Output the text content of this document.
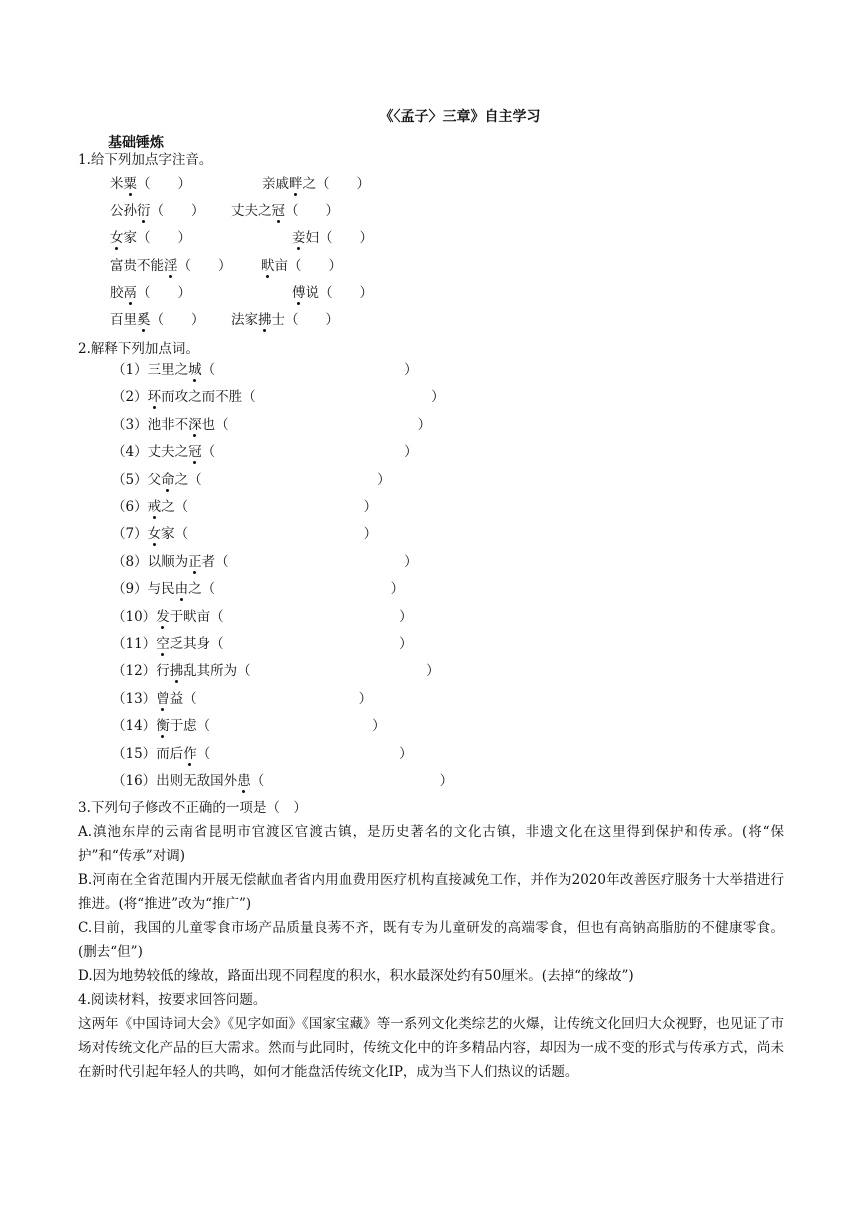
《〈孟子〉三章》自主学习
基础锤炼
1.给下列加点字注音。
米粟（　　）	亲戚畔之（　　）
公孙衍（　　） 丈夫之冠（　　）
女家（　　）	妾妇（　　）
富贵不能淫（　　） 畎亩（　　）
胶鬲（　　）	傅说（　　）
百里奚（　　） 法家拂士（　　）
2.解释下列加点词。
（1）三里之城（　　　　　　　　　　　　　　）
（2）环而攻之而不胜（　　　　　　　　　　　　　）
（3）池非不深也（　　　　　　　　　　　　　　）
（4）丈夫之冠（　　　　　　　　　　　　　　）
（5）父命之（　　　　　　　　　　　　　）
（6）戒之（　　　　　　　　　　　　　）
（7）女家（　　　　　　　　　　　　　）
（8）以顺为正者（　　　　　　　　　　　　　）
（9）与民由之（　　　　　　　　　　　　　）
（10）发于畎亩（　　　　　　　　　　　　　）
（11）空乏其身（　　　　　　　　　　　　　）
（12）行拂乱其所为（　　　　　　　　　　　　　）
（13）曾益（　　　　　　　　　　　　）
（14）衡于虑（　　　　　　　　　　　　）
（15）而后作（　　　　　　　　　　　　　　）
（16）出则无敌国外患（　　　　　　　　　　　　　）

3.下列句子修改不正确的一项是（　）

A.滇池东岸的云南省昆明市官渡区官渡古镇，是历史著名的文化古镇，非遗文化在这里得到保护和传承。(将“保护”和“传承”对调)

B.河南在全省范围内开展无偿献血者省内用血费用医疗机构直接减免工作，并作为2020年改善医疗服务十大举措进行推进。(将“推进”改为“推广”)

C.目前，我国的儿童零食市场产品质量良莠不齐，既有专为儿童研发的高端零食，但也有高钠高脂肪的不健康零食。(删去“但”)

D.因为地势较低的缘故，路面出现不同程度的积水，积水最深处约有50厘米。(去掉“的缘故”)

4.阅读材料，按要求回答问题。

这两年《中国诗词大会》《见字如面》《国家宝藏》等一系列文化类综艺的火爆，让传统文化回归大众视野，也见证了市场对传统文化产品的巨大需求。然而与此同时，传统文化中的许多精品内容，却因为一成不变的形式与传承方式，尚未在新时代引起年轻人的共鸣，如何才能盘活传统文化IP，成为当下人们热议的话题。
